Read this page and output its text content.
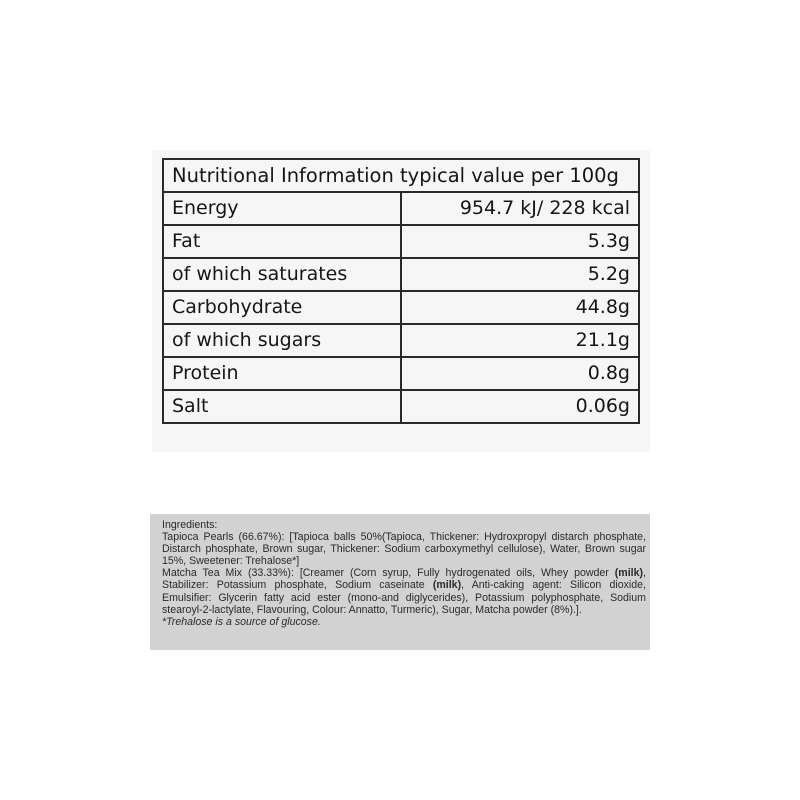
Nutritional Information typical value per 100g	
Energy	954.7 kJ/ 228 kcal
Fat	5.3g
of which saturates	5.2g
Carbohydrate	44.8g
of which sugars	21.1g
Protein	0.8g
Salt	0.06g

Ingredients:

Tapioca Pearls (66.67%): [Tapioca balls 50%(Tapioca, Thickener: Hydroxpropyl distarch phosphate, Distarch phosphate, Brown sugar, Thickener: Sodium carboxymethyl cellulose), Water, Brown sugar 15%, Sweetener: Trehalose*]

Matcha Tea Mix (33.33%): [Creamer (Corn syrup, Fully hydrogenated oils, Whey powder (milk), Stabilizer: Potassium phosphate, Sodium caseinate (milk), Anti-caking agent: Silicon dioxide, Emulsifier: Glycerin fatty acid ester (mono-and diglycerides), Potassium polyphosphate, Sodium stearoyl-2-lactylate, Flavouring, Colour: Annatto, Turmeric), Sugar, Matcha powder (8%).].

*Trehalose is a source of glucose.
